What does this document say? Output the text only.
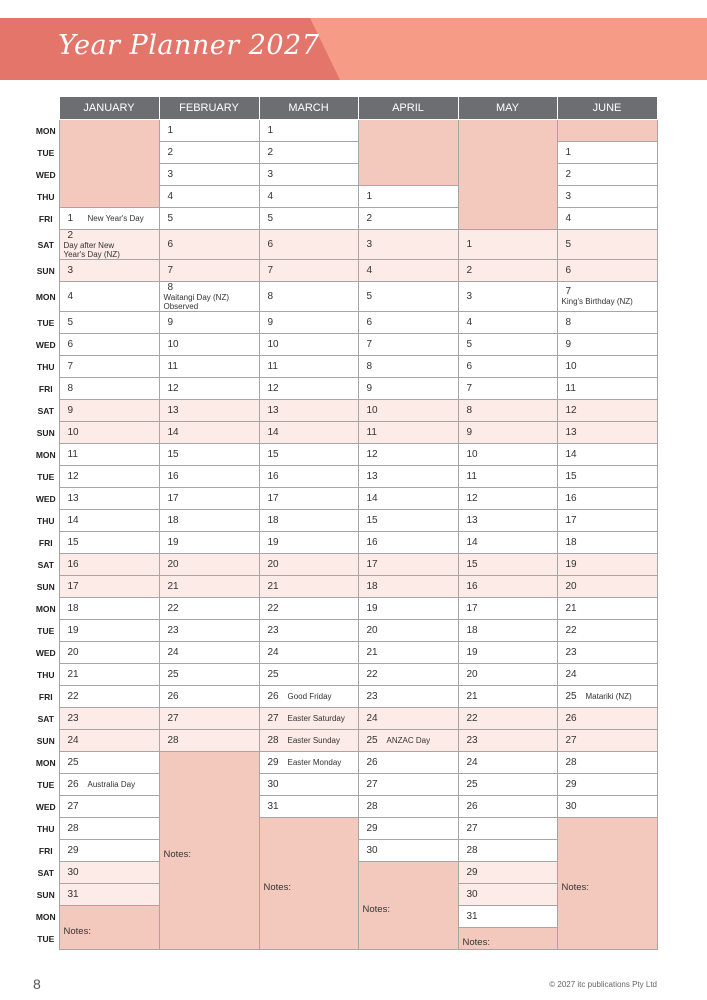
Year Planner 2027
	JANUARY	FEBRUARY	MARCH	APRIL	MAY	JUNE
MON		1	1			
TUE		2	2			1
WED		3	3			2
THU		4	4	1		3
FRI	1 New Year's Day	5	5	2		4
SAT	2Day after New Year's Day (NZ)	6	6	3	1	5
SUN	3	7	7	4	2	6
MON	4	8Waitangi Day (NZ) Observed	8	5	3	7King's Birthday (NZ)
TUE	5	9	9	6	4	8
WED	6	10	10	7	5	9
THU	7	11	11	8	6	10
FRI	8	12	12	9	7	11
SAT	9	13	13	10	8	12
SUN	10	14	14	11	9	13
MON	11	15	15	12	10	14
TUE	12	16	16	13	11	15
WED	13	17	17	14	12	16
THU	14	18	18	15	13	17
FRI	15	19	19	16	14	18
SAT	16	20	20	17	15	19
SUN	17	21	21	18	16	20
MON	18	22	22	19	17	21
TUE	19	23	23	20	18	22
WED	20	24	24	21	19	23
THU	21	25	25	22	20	24
FRI	22	26	26 Good Friday	23	21	25 Matariki (NZ)
SAT	23	27	27 Easter Saturday	24	22	26
SUN	24	28	28 Easter Sunday	25 ANZAC Day	23	27
MON	25	Notes:	29 Easter Monday	26	24	28
TUE	26 Australia Day		30	27	25	29
WED	27		31	28	26	30
THU	28		Notes:	29	27	Notes:

FRI	29			30	28	
SAT	30			Notes:	29	
SUN	31				30	
MON	Notes:				31	
TUE					Notes:	
8	© 2027 itc publications Pty Ltd
